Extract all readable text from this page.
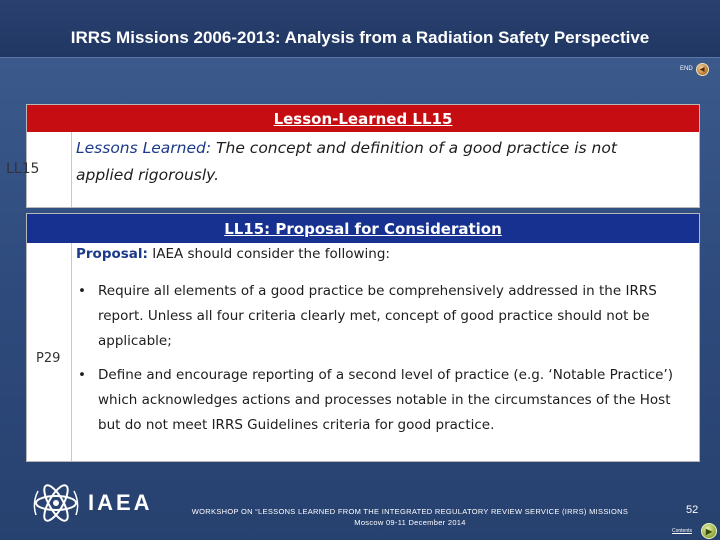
IRRS Missions 2006-2013: Analysis from a Radiation Safety Perspective
END	◀
Lesson-Learned LL15
LL15
Lessons Learned: The concept and definition of a good practice is not applied rigorously.
LL15: Proposal for Consideration
P29
Proposal: IAEA should consider the following:
• Require all elements of a good practice be comprehensively addressed in the IRRS report. Unless all four criteria clearly met, concept of good practice should not be applicable;
• Define and encourage reporting of a second level of practice (e.g. ‘Notable Practice’) which acknowledges actions and processes notable in the circumstances of the Host but do not meet IRRS Guidelines criteria for good practice.
IAEA	WORKSHOP ON “LESSONS LEARNED FROM THE INTEGRATED REGULATORY REVIEW SERVICE (IRRS) MISSIONS
Moscow 09-11 December 2014
52
Contents	▶
